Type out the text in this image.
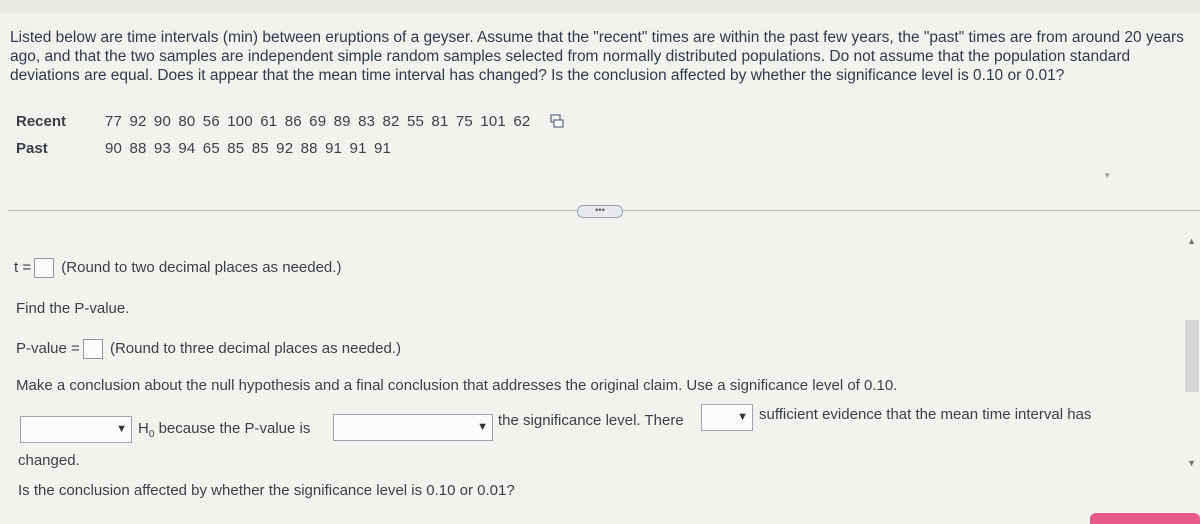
Listed below are time intervals (min) between eruptions of a geyser. Assume that the "recent" times are within the past few years, the "past" times are from around 20 years ago, and that the two samples are independent simple random samples selected from normally distributed populations. Do not assume that the population standard deviations are equal. Does it appear that the mean time interval has changed? Is the conclusion affected by whether the significance level is 0.10 or 0.01?
Recent	77 92 90 80 56 100 61 86 69 89 83 82 55 81 75 101 62
Past	90 88 93 94 65 85 85 92 88 91 91 91
▾
•••
t = (Round to two decimal places as needed.)
Find the P-value.
P-value = (Round to three decimal places as needed.)
Make a conclusion about the null hypothesis and a final conclusion that addresses the original claim. Use a significance level of 0.10.
▼ $H_0$ because the P-value is	▼ the significance level. There	▼ sufficient evidence that the mean time interval has
changed.
Is the conclusion affected by whether the significance level is 0.10 or 0.01?
▲
▼
